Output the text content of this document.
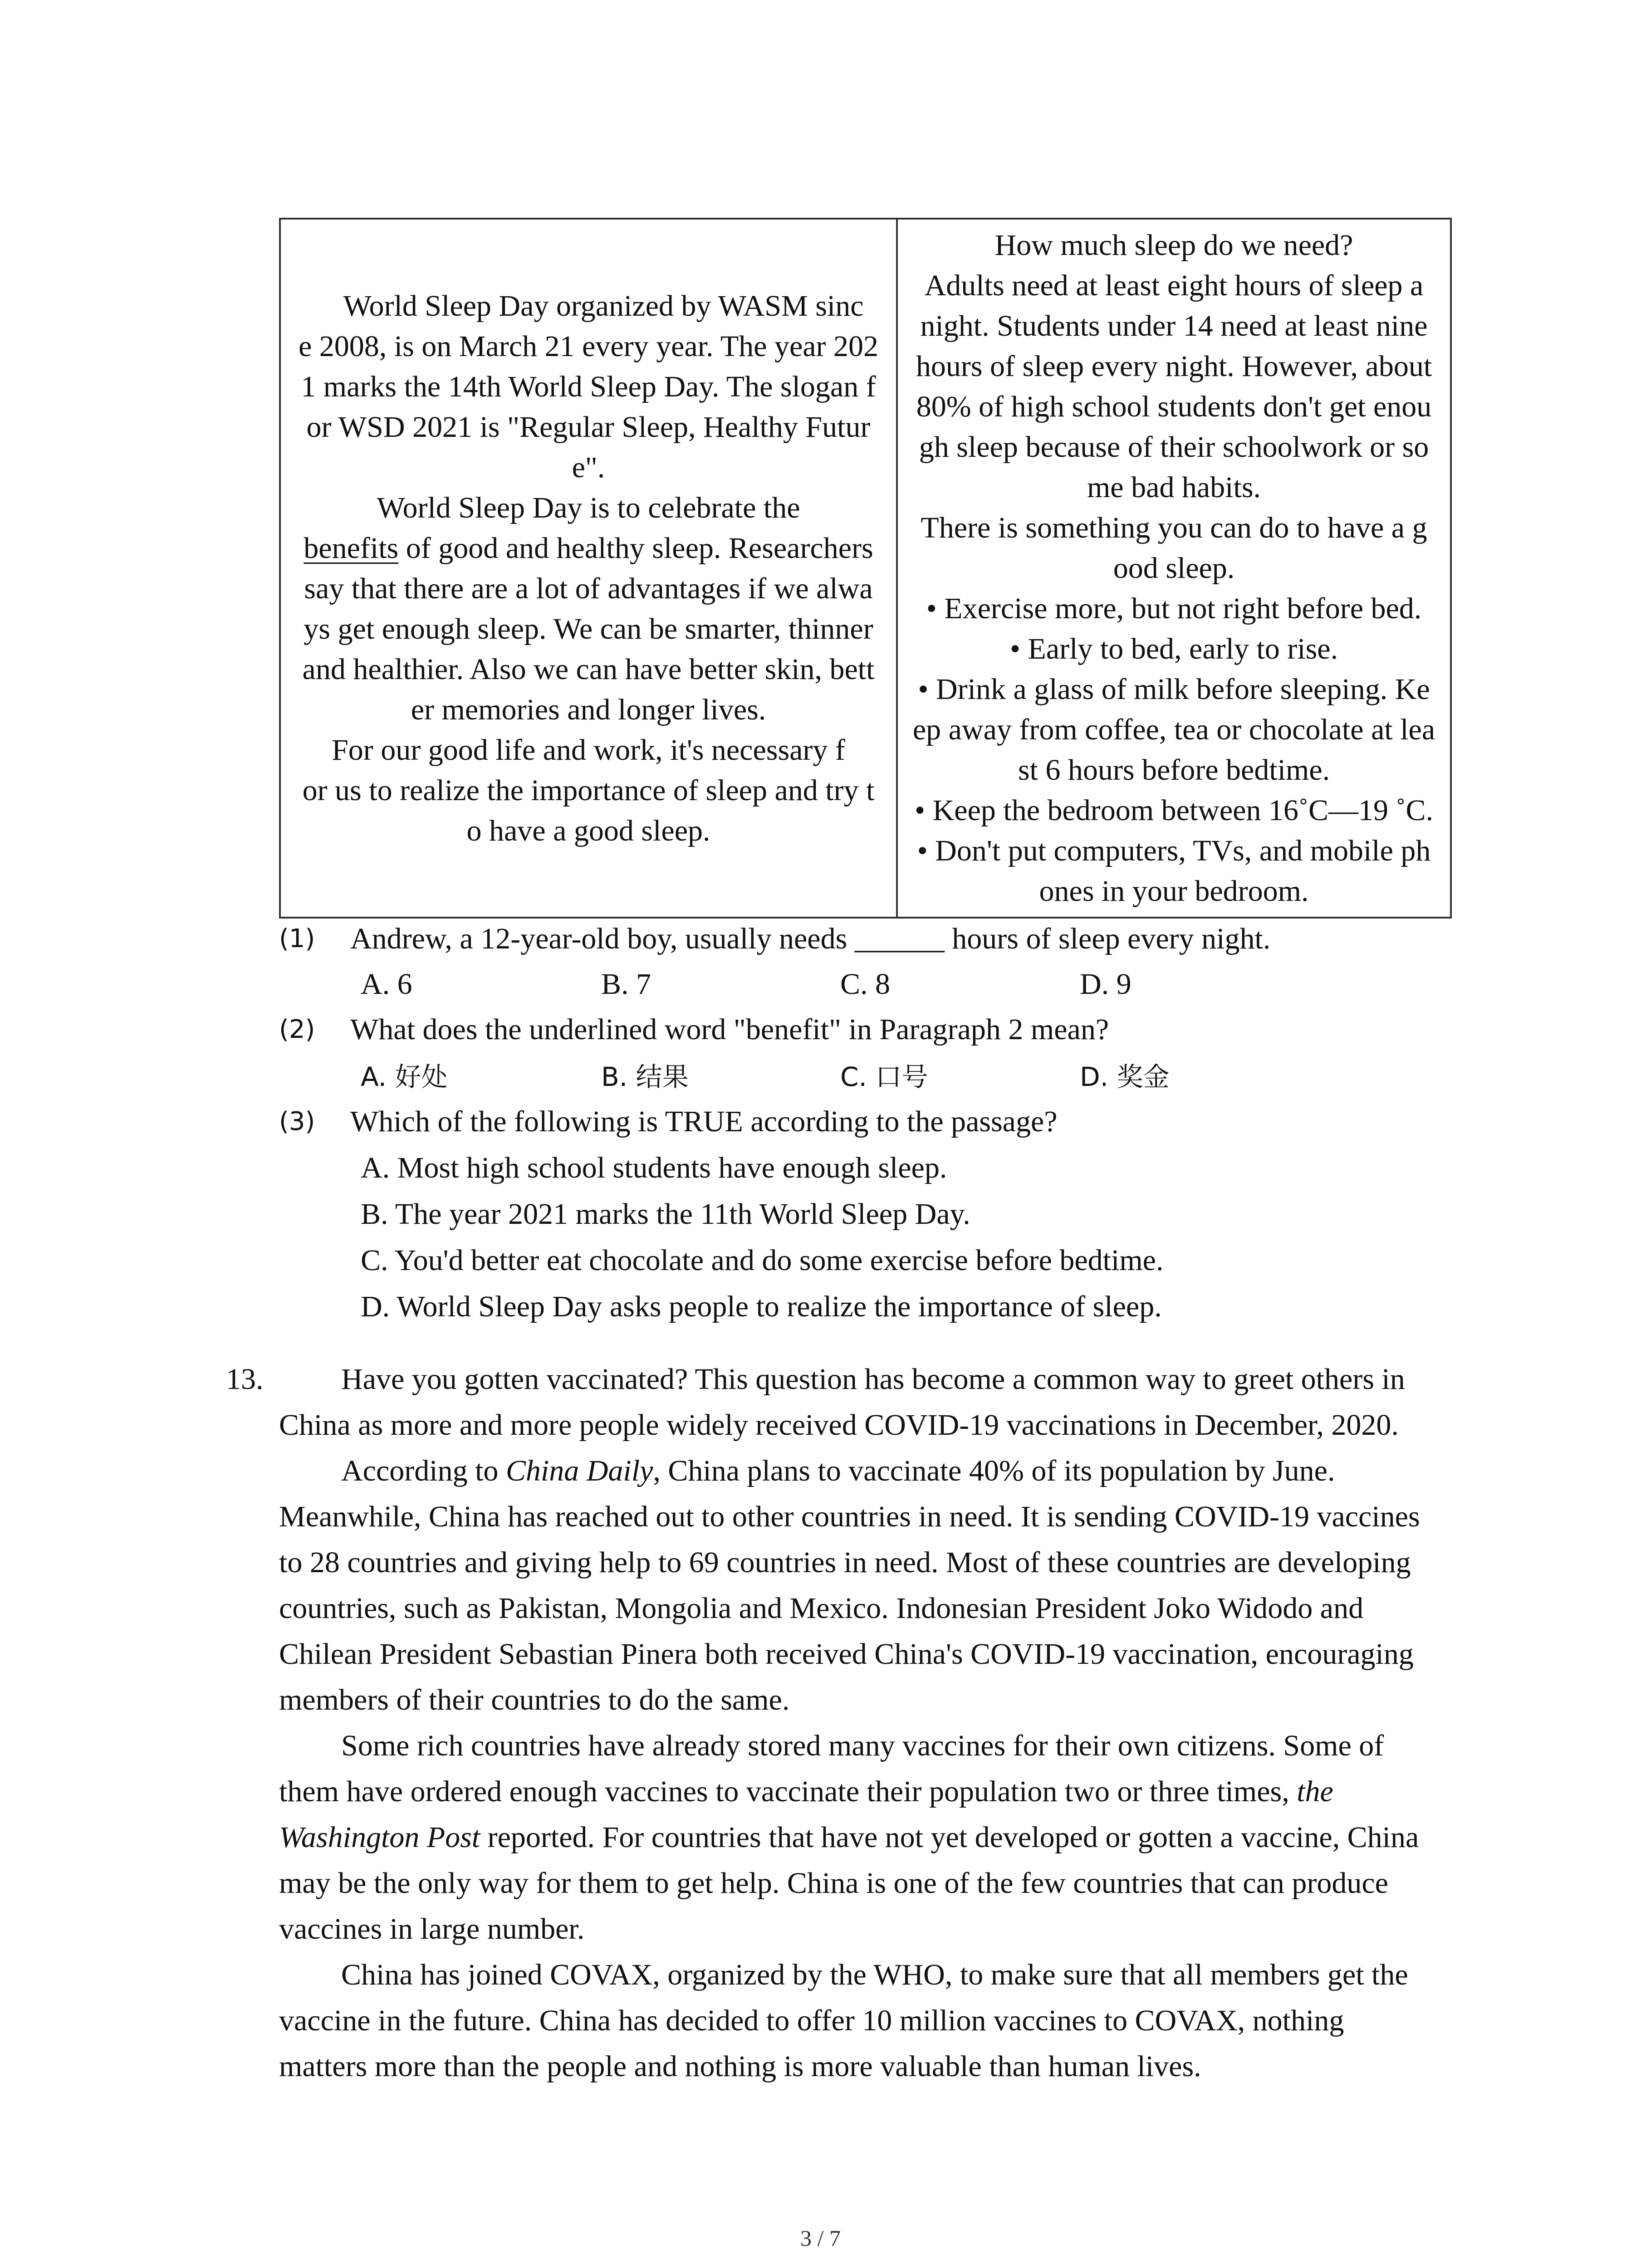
World Sleep Day organized by WASM sinc

e 2008, is on March 21 every year. The year 202

1 marks the 14th World Sleep Day. The slogan f

or WSD 2021 is "Regular Sleep, Healthy Futur

e".

World Sleep Day is to celebrate the

benefits of good and healthy sleep. Researchers

say that there are a lot of advantages if we alwa

ys get enough sleep. We can be smarter, thinner

and healthier. Also we can have better skin, bett

er memories and longer lives.

For our good life and work, it's necessary f

or us to realize the importance of sleep and try t

o have a good sleep.

How much sleep do we need?

Adults need at least eight hours of sleep a

night. Students under 14 need at least nine

hours of sleep every night. However, about

80% of high school students don't get enou

gh sleep because of their schoolwork or so

me bad habits.

There is something you can do to have a g

ood sleep.

• Exercise more, but not right before bed.

• Early to bed, early to rise.

• Drink a glass of milk before sleeping. Ke

ep away from coffee, tea or chocolate at lea

st 6 hours before bedtime.

• Keep the bedroom between 16˚C—19 ˚C.

• Don't put computers, TVs, and mobile ph

ones in your bedroom.

(1) Andrew, a 12-year-old boy, usually needs ______ hours of sleep every night.
A. 6	B. 7	C. 8	D. 9
(2) What does the underlined word "benefit" in Paragraph 2 mean?
A. 好处	B. 结果	C. 口号	D. 奖金
(3) Which of the following is TRUE according to the passage?
A. Most high school students have enough sleep.
B. The year 2021 marks the 11th World Sleep Day.
C. You'd better eat chocolate and do some exercise before bedtime.
D. World Sleep Day asks people to realize the importance of sleep.
13.	Have you gotten vaccinated? This question has become a common way to greet others in
China as more and more people widely received COVID-19 vaccinations in December, 2020.
According to China Daily, China plans to vaccinate 40% of its population by June.
Meanwhile, China has reached out to other countries in need. It is sending COVID-19 vaccines
to 28 countries and giving help to 69 countries in need. Most of these countries are developing
countries, such as Pakistan, Mongolia and Mexico. Indonesian President Joko Widodo and
Chilean President Sebastian Pinera both received China's COVID-19 vaccination, encouraging
members of their countries to do the same.
Some rich countries have already stored many vaccines for their own citizens. Some of
them have ordered enough vaccines to vaccinate their population two or three times, the
Washington Post reported. For countries that have not yet developed or gotten a vaccine, China
may be the only way for them to get help. China is one of the few countries that can produce
vaccines in large number.
China has joined COVAX, organized by the WHO, to make sure that all members get the
vaccine in the future. China has decided to offer 10 million vaccines to COVAX, nothing
matters more than the people and nothing is more valuable than human lives.
3 / 7
